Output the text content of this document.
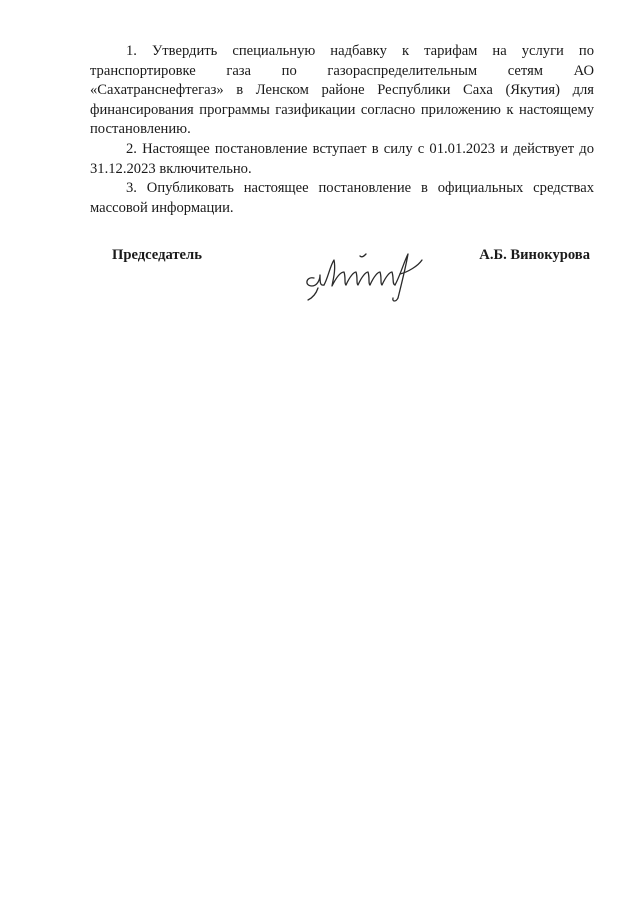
1. Утвердить специальную надбавку к тарифам на услуги по транспортировке газа по газораспределительным сетям АО «Сахатранснефтегаз» в Ленском районе Республики Саха (Якутия) для финансирования программы газификации согласно приложению к настоящему постановлению.

2. Настоящее постановление вступает в силу с 01.01.2023 и действует до 31.12.2023 включительно.

3. Опубликовать настоящее постановление в официальных средствах массовой информации.

Председатель	А.Б. Винокурова
